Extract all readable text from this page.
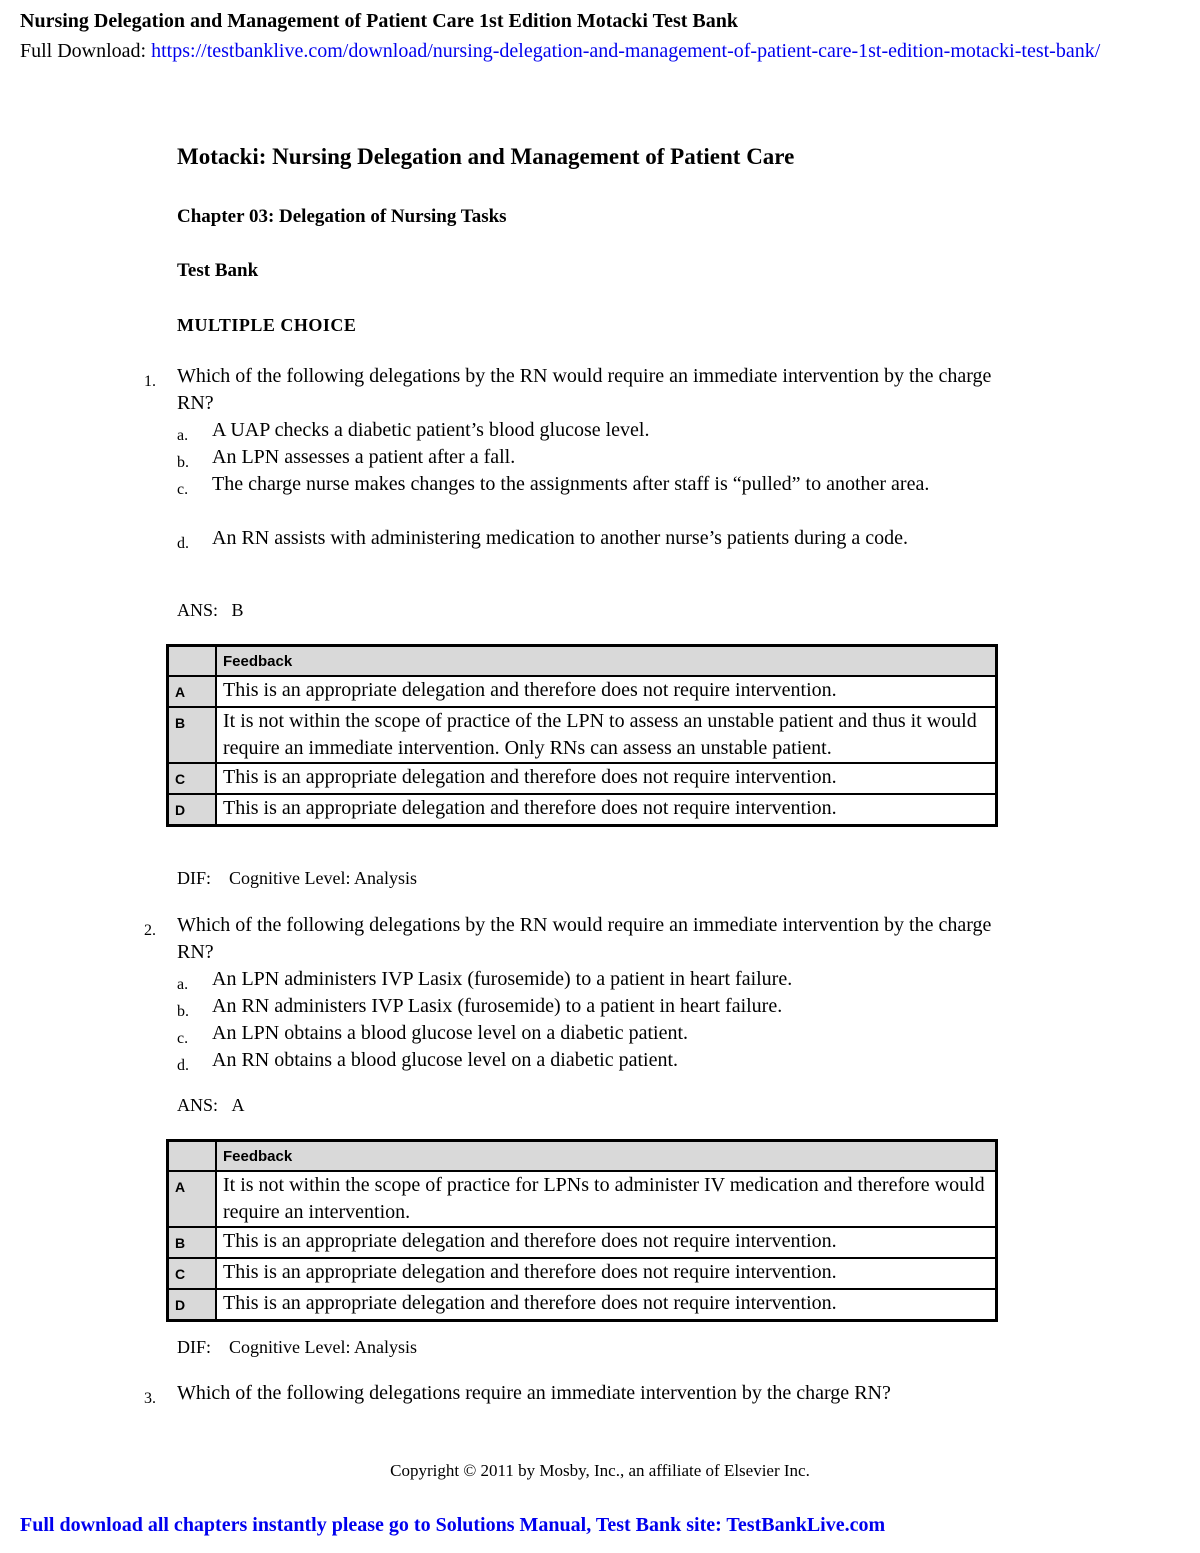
Nursing Delegation and Management of Patient Care 1st Edition Motacki Test Bank
Full Download: https://testbanklive.com/download/nursing-delegation-and-management-of-patient-care-1st-edition-motacki-test-bank/
Motacki: Nursing Delegation and Management of Patient Care
Chapter 03: Delegation of Nursing Tasks
Test Bank
MULTIPLE CHOICE
1.	Which of the following delegations by the RN would require an immediate intervention by the charge RN?
a. A UAP checks a diabetic patient’s blood glucose level.
b. An LPN assesses a patient after a fall.
c. The charge nurse makes changes to the assignments after staff is “pulled” to another area.
d. An RN assists with administering medication to another nurse’s patients during a code.
ANS:   B
	Feedback
A	This is an appropriate delegation and therefore does not require intervention.
B	It is not within the scope of practice of the LPN to assess an unstable patient and thus it would require an immediate intervention. Only RNs can assess an unstable patient.
C	This is an appropriate delegation and therefore does not require intervention.
D	This is an appropriate delegation and therefore does not require intervention.
DIF:    Cognitive Level: Analysis
2.	Which of the following delegations by the RN would require an immediate intervention by the charge RN?
a. An LPN administers IVP Lasix (furosemide) to a patient in heart failure.
b. An RN administers IVP Lasix (furosemide) to a patient in heart failure.
c. An LPN obtains a blood glucose level on a diabetic patient.
d. An RN obtains a blood glucose level on a diabetic patient.
ANS:   A
	Feedback
A	It is not within the scope of practice for LPNs to administer IV medication and therefore would require an intervention.
B	This is an appropriate delegation and therefore does not require intervention.
C	This is an appropriate delegation and therefore does not require intervention.
D	This is an appropriate delegation and therefore does not require intervention.
DIF:    Cognitive Level: Analysis
3.	Which of the following delegations require an immediate intervention by the charge RN?
Copyright © 2011 by Mosby, Inc., an affiliate of Elsevier Inc.
Full download all chapters instantly please go to Solutions Manual, Test Bank site: TestBankLive.com
